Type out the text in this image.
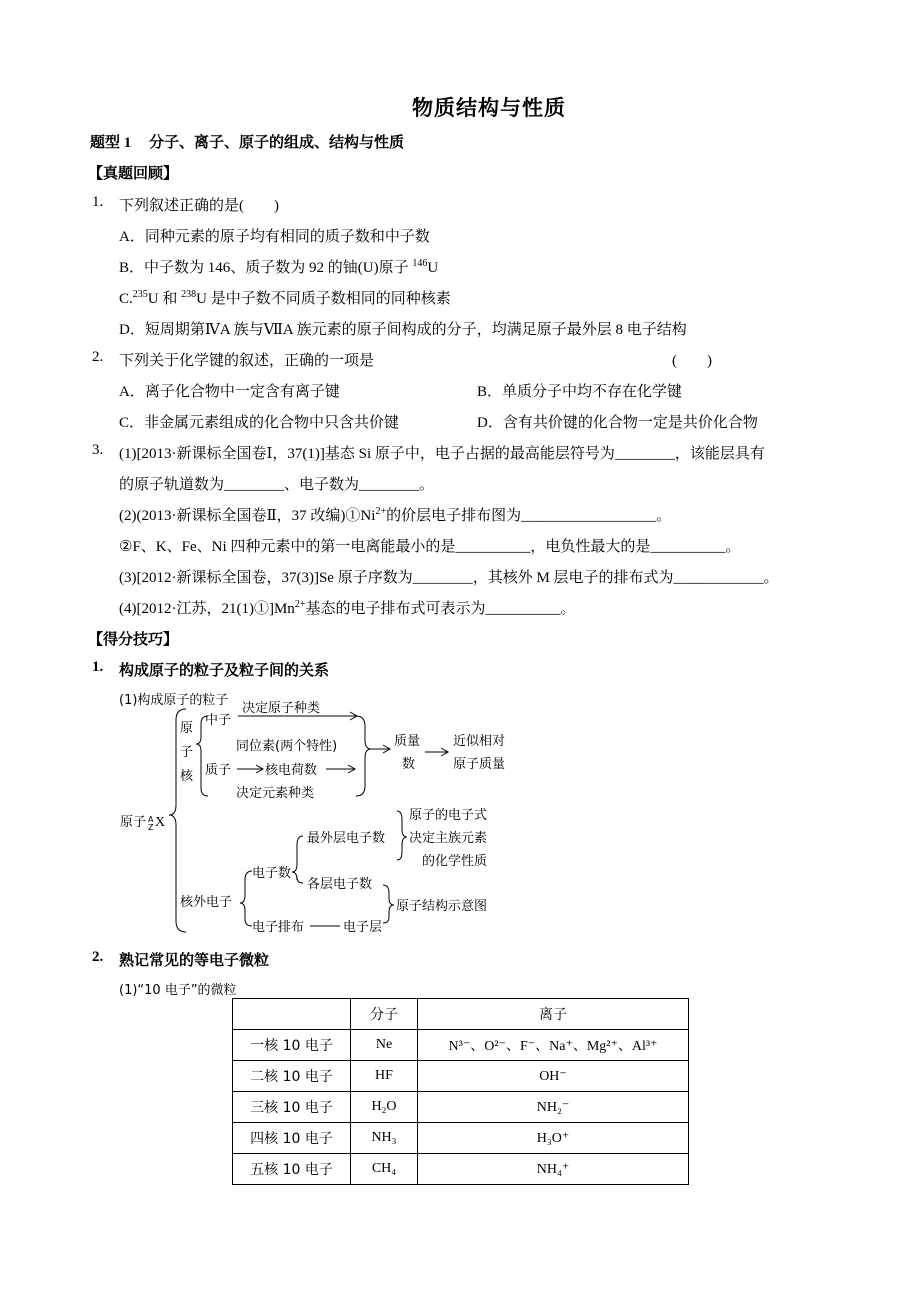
物质结构与性质
题型 1 分子、离子、原子的组成、结构与性质
【真题回顾】
1. 下列叙述正确的是(　　)
A．同种元素的原子均有相同的质子数和中子数
B．中子数为 146、质子数为 92 的铀(U)原子 $^{146}$U
C.$^{235}$U 和 $^{238}$U 是中子数不同质子数相同的同种核素
D．短周期第ⅣA 族与ⅦA 族元素的原子间构成的分子，均满足原子最外层 8 电子结构
2. 下列关于化学键的叙述，正确的一项是	(　　)
A．离子化合物中一定含有离子键	B．单质分子中均不存在化学键
C．非金属元素组成的化合物中只含共价键	D．含有共价键的化合物一定是共价化合物
3. (1)[2013·新课标全国卷Ⅰ，37(1)]基态 Si 原子中，电子占据的最高能层符号为________，该能层具有
的原子轨道数为________、电子数为________。
(2)(2013·新课标全国卷Ⅱ，37 改编)$①Ni^{2+}$的价层电子排布图为__________________。
②F、K、Fe、Ni 四种元素中的第一电离能最小的是__________，电负性最大的是__________。
(3)[2012·新课标全国卷，37(3)]Se 原子序数为________，其核外 M 层电子的排布式为____________。
(4)[2012·江苏，$21(1)①]Mn^{2+}$基态的电子排布式可表示为__________。
【得分技巧】
1. 构成原子的粒子及粒子间的关系
(1)构成原子的粒子
原
子
核
中子
决定原子种类
同位素(两个特性)
质子	核电荷数
决定元素种类
质量
数
近似相对
原子质量
原子 A
Z X
核外电子
电子数
最外层电子数
原子的电子式
决定主族元素
的化学性质
各层电子数
原子结构示意图
电子排布	电子层
2. 熟记常见的等电子微粒
(1)“10 电子”的微粒
	分子	离子
一核 10 电子	Ne	N³⁻、O²⁻、F⁻、Na⁺、Mg²⁺、Al³⁺
二核 10 电子	HF	OH⁻
三核 10 电子	H₂O	NH₂⁻
四核 10 电子	NH₃	H₃O⁺
五核 10 电子	CH₄	NH₄⁺
